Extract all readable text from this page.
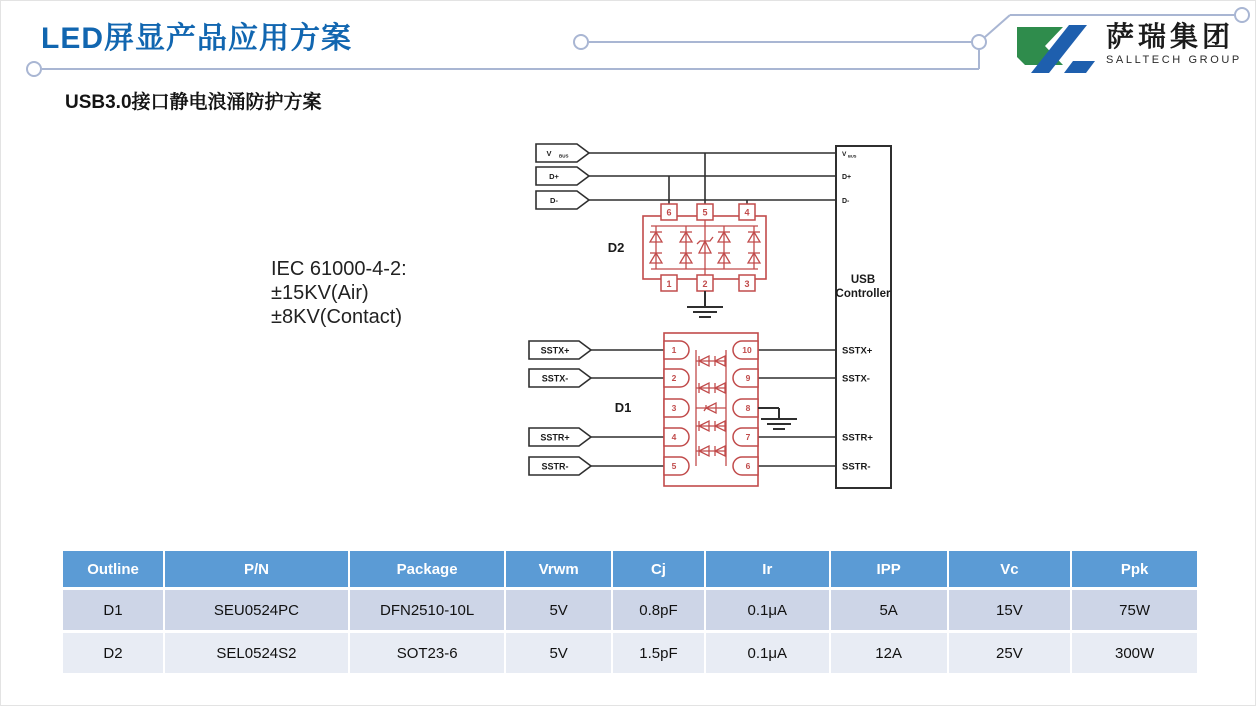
LED屏显产品应用方案	萨瑞集团
SALLTECH GROUP
USB3.0接口静电浪涌防护方案
IEC 61000-4-2:
±15KV(Air)
±8KV(Contact)
V BUS
D+
D-
SSTX+
SSTX-
SSTR+
SSTR-
V BUS
D+
D-
USB
Controller
SSTX+
SSTX-
SSTR+
SSTR-
6	5	4
1	2	3
D2
1
2
3
4
5
10
9
8
7
6
D1
Outline	P/N	Package	Vrwm	Cj	Ir	IPP	Vc	Ppk
D1	SEU0524PC	DFN2510-10L	5V	0.8pF	0.1μA	5A	15V	75W
D2	SEL0524S2	SOT23-6	5V	1.5pF	0.1μA	12A	25V	300W
